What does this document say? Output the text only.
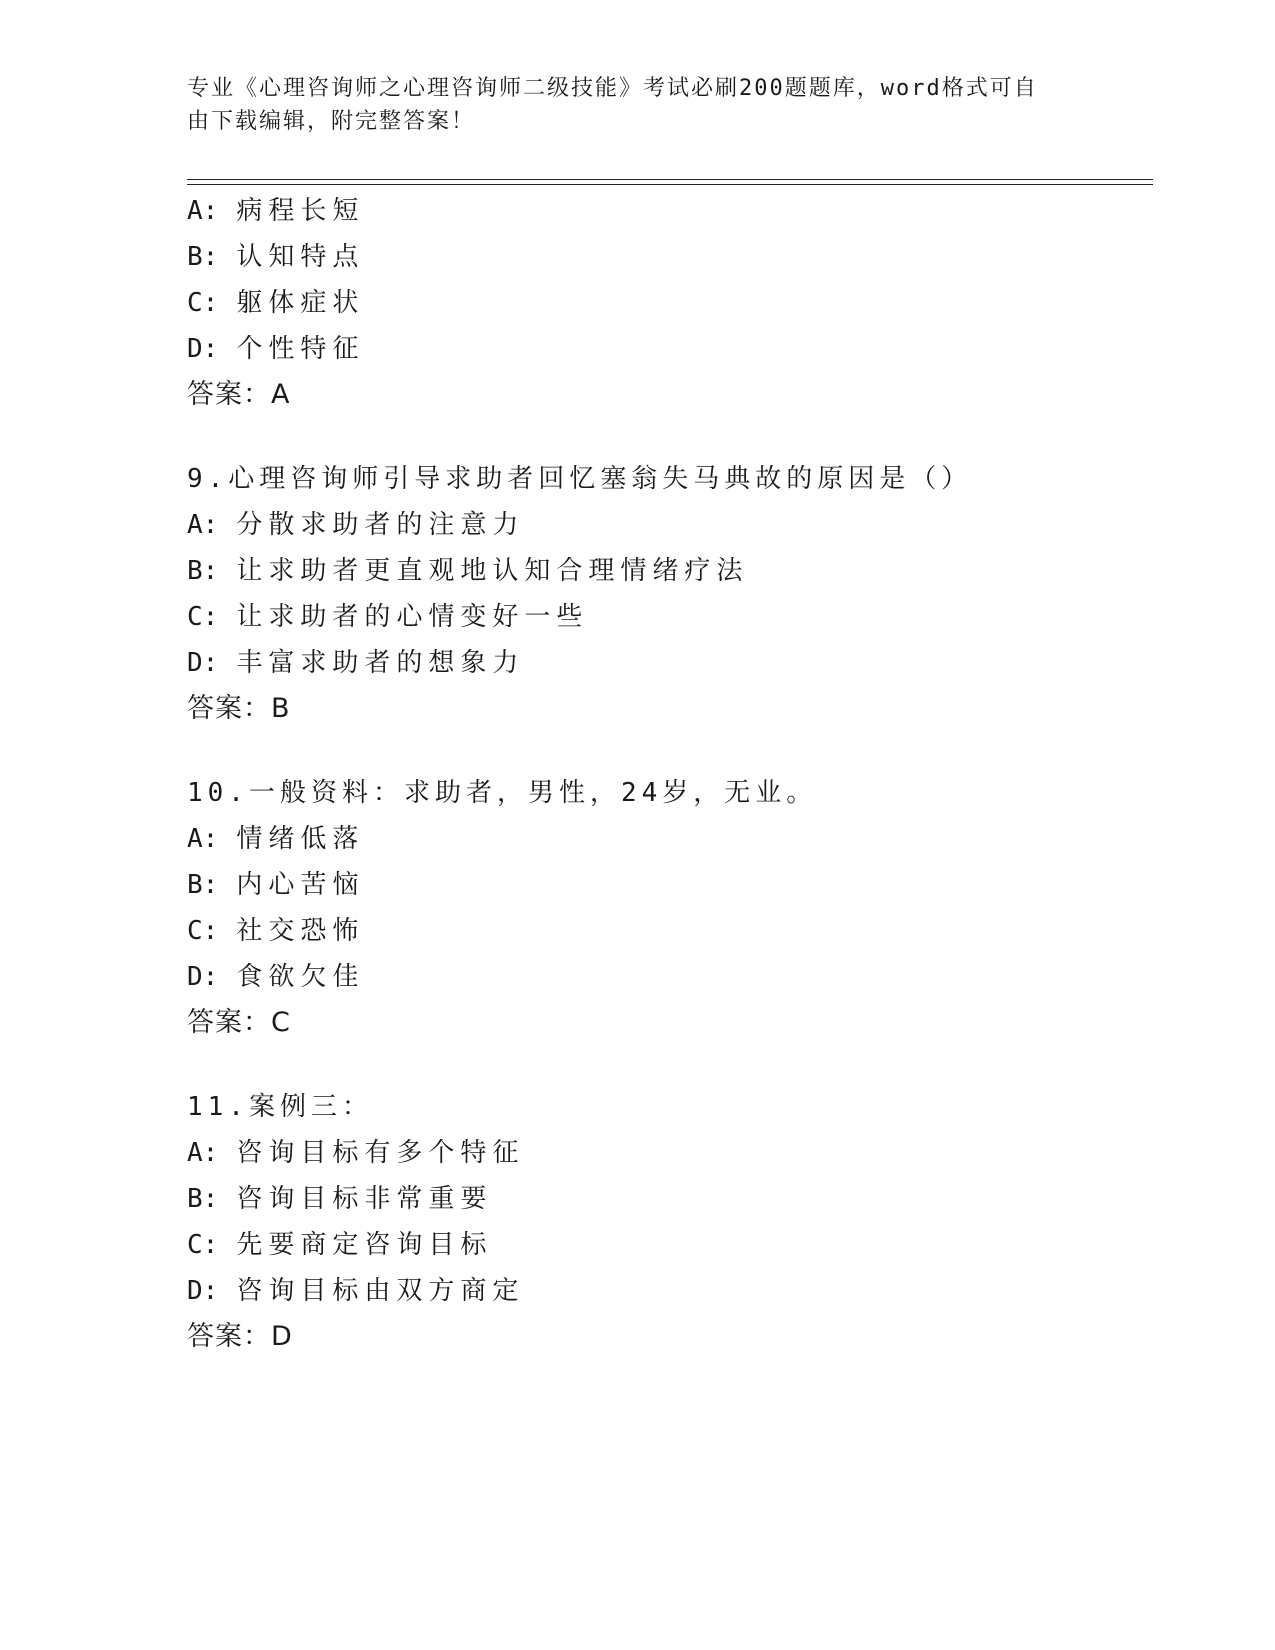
专业《心理咨询师之心理咨询师二级技能》考试必刷200题题库，word格式可自
由下载编辑，附完整答案！
A: 病程长短
B: 认知特点
C: 躯体症状
D: 个性特征
答案：A
9.心理咨询师引导求助者回忆塞翁失马典故的原因是（）
A: 分散求助者的注意力
B: 让求助者更直观地认知合理情绪疗法
C: 让求助者的心情变好一些
D: 丰富求助者的想象力
答案：B
10.一般资料：求助者，男性，24岁，无业。
A: 情绪低落
B: 内心苦恼
C: 社交恐怖
D: 食欲欠佳
答案：C
11.案例三：
A: 咨询目标有多个特征
B: 咨询目标非常重要
C: 先要商定咨询目标
D: 咨询目标由双方商定
答案：D
